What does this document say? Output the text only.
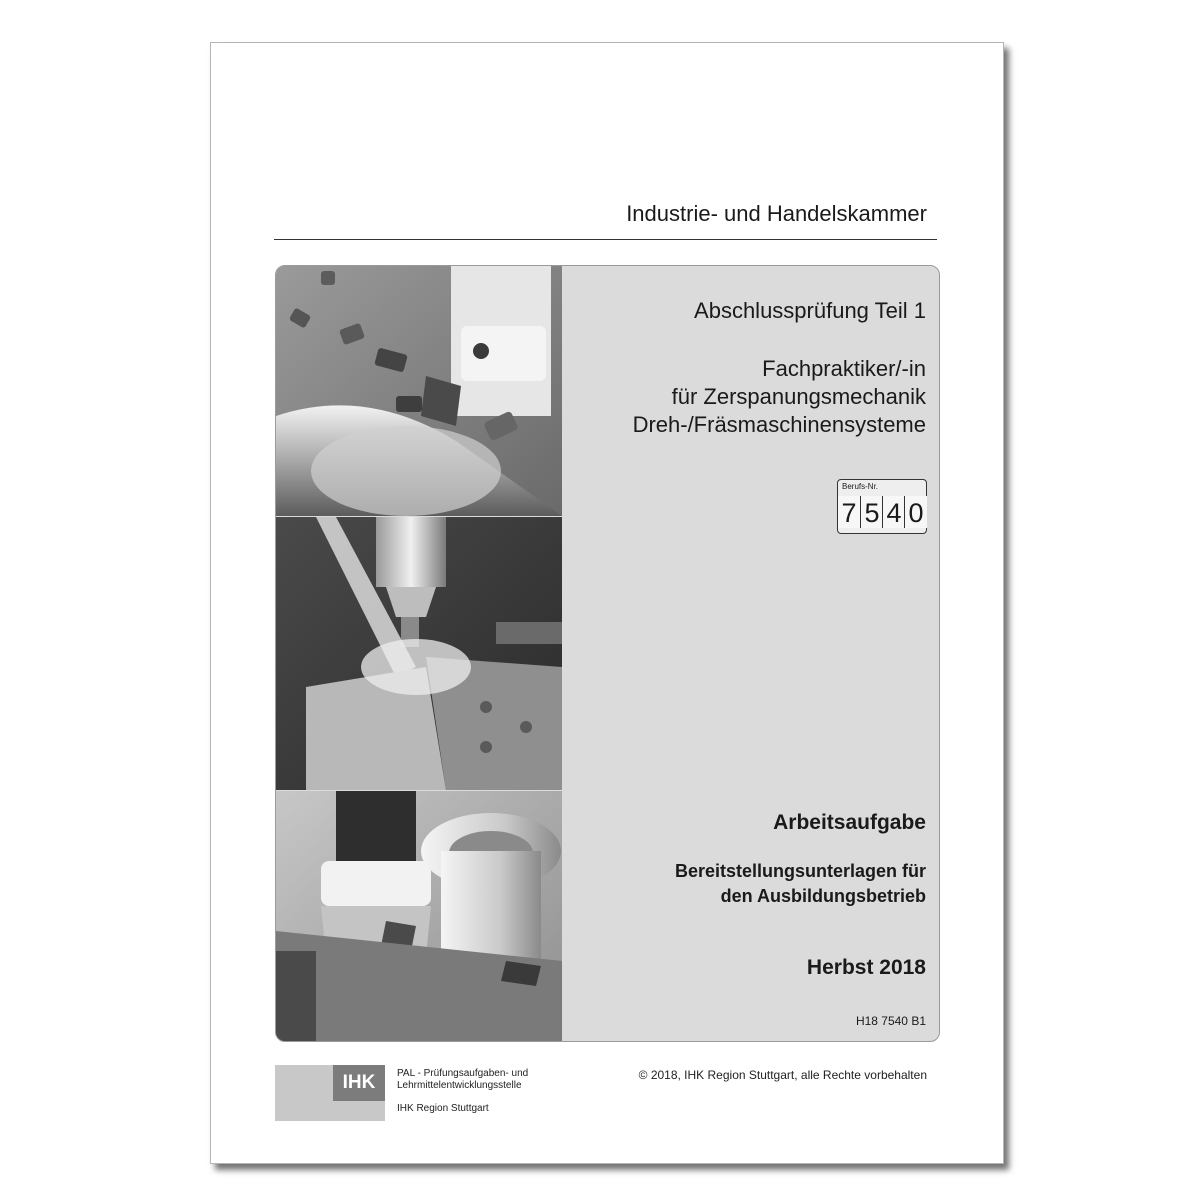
Industrie- und Handelskammer
Abschlussprüfung Teil 1
Fachpraktiker/-in
für Zerspanungsmechanik
Dreh-/Fräsmaschinensysteme
Berufs-Nr.
7 5 4 0
Arbeitsaufgabe
Bereitstellungsunterlagen für
den Ausbildungsbetrieb
Herbst 2018
H18 7540 B1
IHK	PAL - Prüfungsaufgaben- und
Lehrmittelentwicklungsstelle
IHK Region Stuttgart
© 2018, IHK Region Stuttgart, alle Rechte vorbehalten
